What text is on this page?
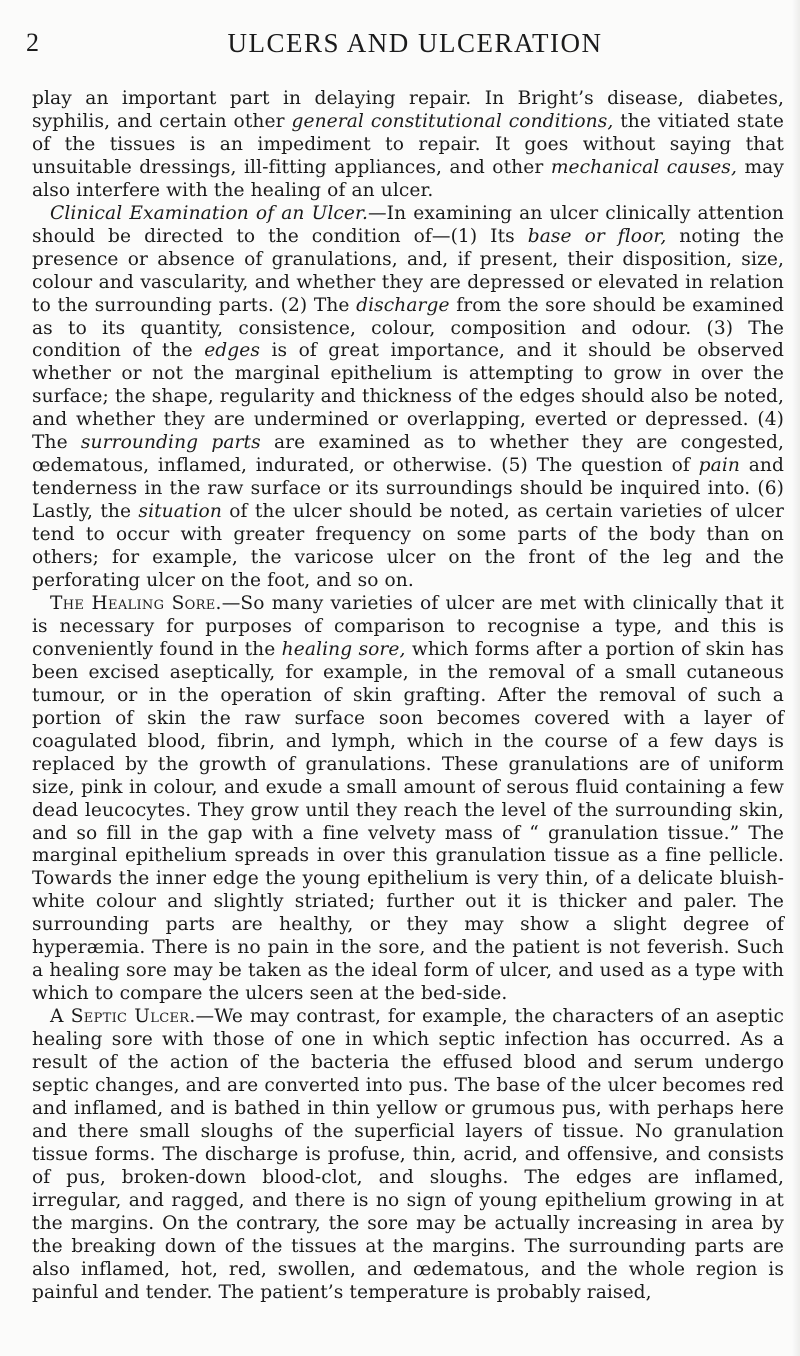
2	ULCERS AND ULCERATION

play an important part in delaying repair. In Bright’s disease, diabetes, syphilis, and certain other general constitutional conditions, the vitiated state of the tissues is an impediment to repair. It goes without saying that unsuitable dressings, ill-fitting appliances, and other mechanical causes, may also interfere with the healing of an ulcer.

Clinical Examination of an Ulcer.—In examining an ulcer clinically attention should be directed to the condition of—(1) Its base or floor, noting the presence or absence of granulations, and, if present, their disposition, size, colour and vascularity, and whether they are depressed or elevated in relation to the surrounding parts. (2) The discharge from the sore should be examined as to its quantity, consistence, colour, composition and odour. (3) The condition of the edges is of great importance, and it should be observed whether or not the marginal epithelium is attempting to grow in over the surface; the shape, regularity and thickness of the edges should also be noted, and whether they are undermined or overlapping, everted or depressed. (4) The surrounding parts are examined as to whether they are congested, œdematous, inflamed, indurated, or otherwise. (5) The question of pain and tenderness in the raw surface or its surroundings should be inquired into. (6) Lastly, the situation of the ulcer should be noted, as certain varieties of ulcer tend to occur with greater frequency on some parts of the body than on others; for example, the varicose ulcer on the front of the leg and the perforating ulcer on the foot, and so on.

The Healing Sore.—So many varieties of ulcer are met with clinically that it is necessary for purposes of comparison to recognise a type, and this is conveniently found in the healing sore, which forms after a portion of skin has been excised aseptically, for example, in the removal of a small cutaneous tumour, or in the operation of skin grafting. After the removal of such a portion of skin the raw surface soon becomes covered with a layer of coagulated blood, fibrin, and lymph, which in the course of a few days is replaced by the growth of granulations. These granulations are of uniform size, pink in colour, and exude a small amount of serous fluid containing a few dead leucocytes. They grow until they reach the level of the surrounding skin, and so fill in the gap with a fine velvety mass of “ granulation tissue.” The marginal epithelium spreads in over this granulation tissue as a fine pellicle. Towards the inner edge the young epithelium is very thin, of a delicate bluish-white colour and slightly striated; further out it is thicker and paler. The surrounding parts are healthy, or they may show a slight degree of hyperæmia. There is no pain in the sore, and the patient is not feverish. Such a healing sore may be taken as the ideal form of ulcer, and used as a type with which to compare the ulcers seen at the bed-side.

A Septic Ulcer.—We may contrast, for example, the characters of an aseptic healing sore with those of one in which septic infection has occurred. As a result of the action of the bacteria the effused blood and serum undergo septic changes, and are converted into pus. The base of the ulcer becomes red and inflamed, and is bathed in thin yellow or grumous pus, with perhaps here and there small sloughs of the superficial layers of tissue. No granulation tissue forms. The discharge is profuse, thin, acrid, and offensive, and consists of pus, broken-down blood-clot, and sloughs. The edges are inflamed, irregular, and ragged, and there is no sign of young epithelium growing in at the margins. On the contrary, the sore may be actually increasing in area by the breaking down of the tissues at the margins. The surrounding parts are also inflamed, hot, red, swollen, and œdematous, and the whole region is painful and tender. The patient’s temperature is probably raised,
